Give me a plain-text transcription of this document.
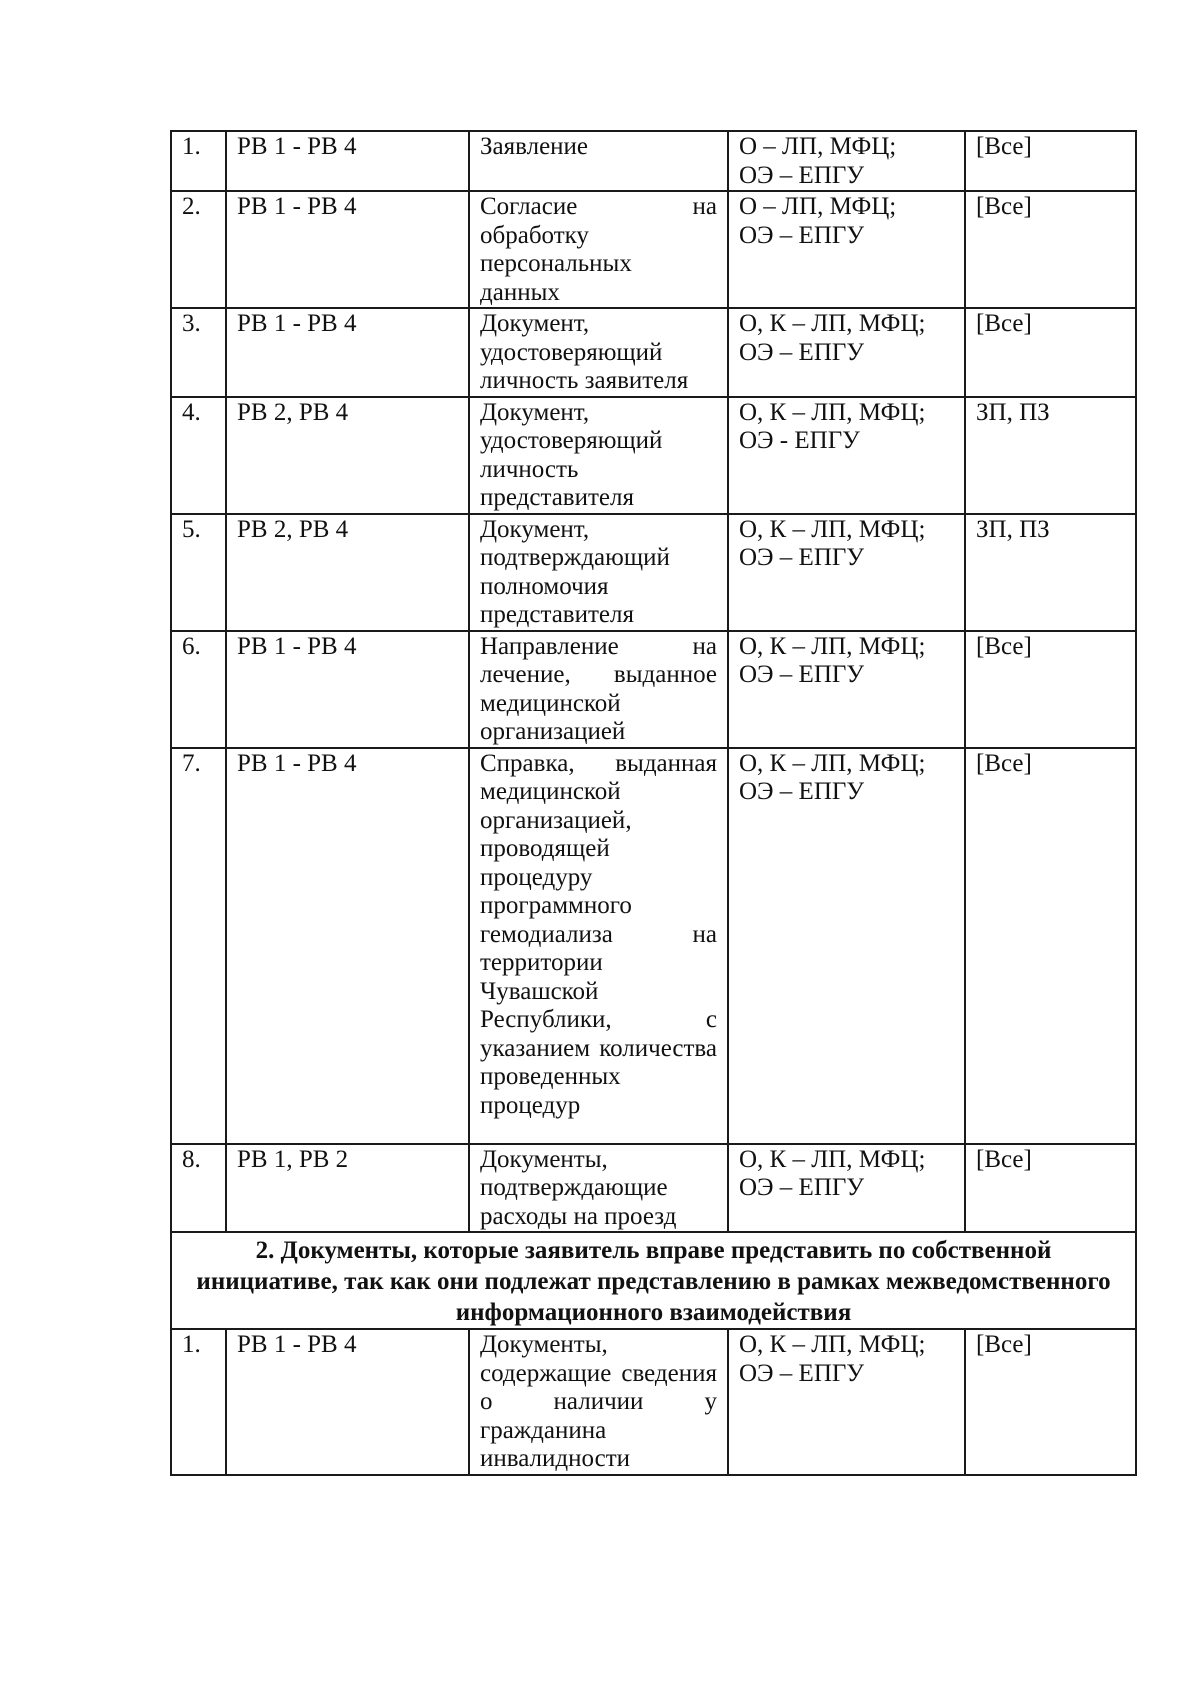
1.	РВ 1 - РВ 4	Заявление	О – ЛП, МФЦ;
ОЭ – ЕПГУ	[Все]
2.	РВ 1 - РВ 4	Согласие на обработку персональных данных	О – ЛП, МФЦ;
ОЭ – ЕПГУ	[Все]
3.	РВ 1 - РВ 4	Документ, удостоверяющий личность заявителя	О, К – ЛП, МФЦ;
ОЭ – ЕПГУ	[Все]
4.	РВ 2, РВ 4	Документ, удостоверяющий личность представителя	О, К – ЛП, МФЦ;
ОЭ - ЕПГУ	ЗП, ПЗ
5.	РВ 2, РВ 4	Документ, подтверждающий полномочия представителя	О, К – ЛП, МФЦ;
ОЭ – ЕПГУ	ЗП, ПЗ
6.	РВ 1 - РВ 4	Направление на лечение, выданное медицинской организацией	О, К – ЛП, МФЦ;
ОЭ – ЕПГУ	[Все]
7.	РВ 1 - РВ 4	Справка, выданная медицинской организацией, проводящей процедуру программного гемодиализа на территории Чувашской Республики, с указанием количества проведенных процедур	О, К – ЛП, МФЦ;
ОЭ – ЕПГУ	[Все]
8.	РВ 1, РВ 2	Документы, подтверждающие расходы на проезд	О, К – ЛП, МФЦ;
ОЭ – ЕПГУ	[Все]
2. Документы, которые заявитель вправе представить по собственной инициативе, так как они подлежат представлению в рамках межведомственного информационного взаимодействия				
1.	РВ 1 - РВ 4	Документы, содержащие сведения о наличии у гражданина инвалидности	О, К – ЛП, МФЦ;
ОЭ – ЕПГУ	[Все]
